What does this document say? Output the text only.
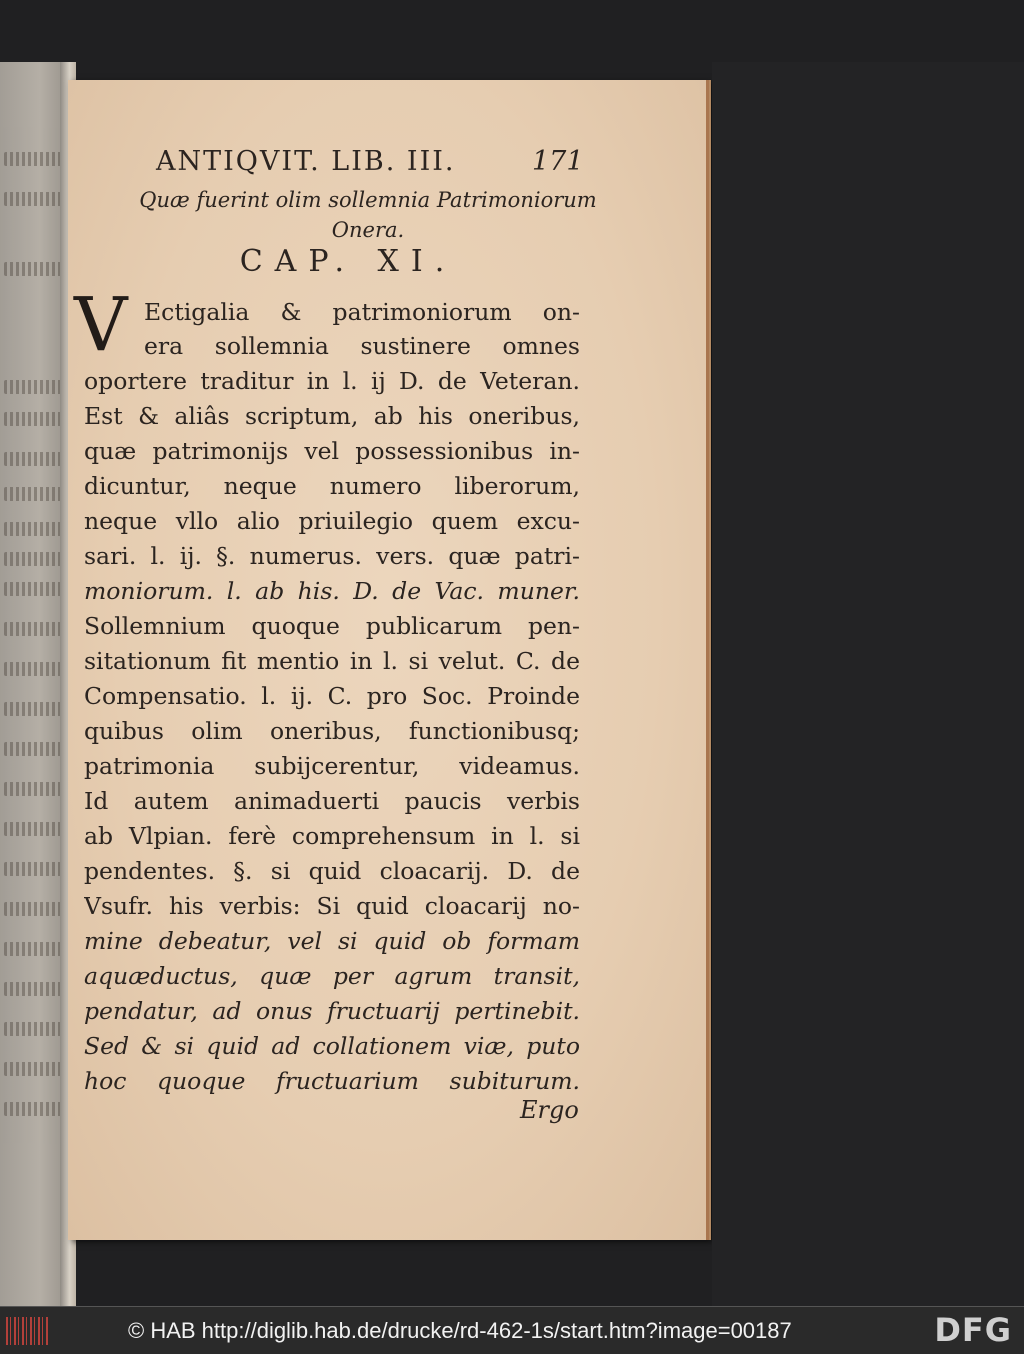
ANTIQVIT. LIB. III.	171
Quæ fuerint olim sollemnia Patrimoniorum
Onera.
CAP. XI.
V Ectigalia & patrimoniorum on-
era sollemnia sustinere omnes
oportere traditur in l. ij D. de Veteran.
Est & aliâs scriptum, ab his oneribus,
quæ patrimonijs vel possessionibus in-
dicuntur, neque numero liberorum,
neque vllo alio priuilegio quem excu-
sari. l. ij. §. numerus. vers. quæ patri-
moniorum. l. ab his. D. de Vac. muner.
Sollemnium quoque publicarum pen-
sitationum fit mentio in l. si velut. C. de
Compensatio. l. ij. C. pro Soc. Proinde
quibus olim oneribus, functionibusq;
patrimonia subijcerentur, videamus.
Id autem animaduerti paucis verbis
ab Vlpian. ferè comprehensum in l. si
pendentes. §. si quid cloacarij. D. de
Vsufr. his verbis: Si quid cloacarij no-
mine debeatur, vel si quid ob formam
aquæductus, quæ per agrum transit,
pendatur, ad onus fructuarij pertinebit.
Sed & si quid ad collationem viæ, puto
hoc quoque fructuarium subiturum.
Ergo
© HAB http://diglib.hab.de/drucke/rd-462-1s/start.htm?image=00187	DFG
